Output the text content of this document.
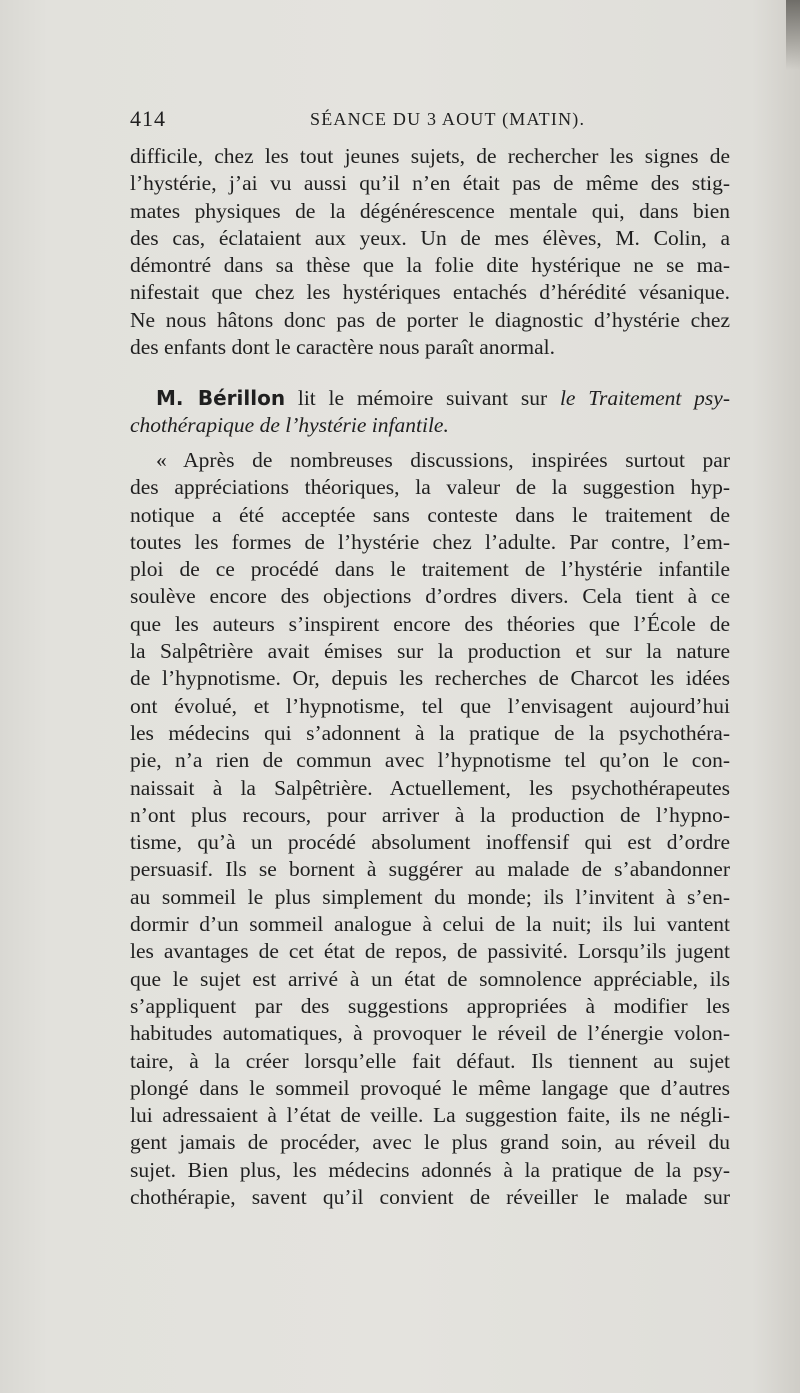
414	SÉANCE DU 3 AOUT (MATIN).
difficile, chez les tout jeunes sujets, de rechercher les signes de
l’hystérie, j’ai vu aussi qu’il n’en était pas de même des stig-
mates physiques de la dégénérescence mentale qui, dans bien
des cas, éclataient aux yeux. Un de mes élèves, M. Colin, a
démontré dans sa thèse que la folie dite hystérique ne se ma-
nifestait que chez les hystériques entachés d’hérédité vésanique.
Ne nous hâtons donc pas de porter le diagnostic d’hystérie chez
des enfants dont le caractère nous paraît anormal.
M. Bérillon lit le mémoire suivant sur le Traitement psy-
chothérapique de l’hystérie infantile.
« Après de nombreuses discussions, inspirées surtout par
des appréciations théoriques, la valeur de la suggestion hyp-
notique a été acceptée sans conteste dans le traitement de
toutes les formes de l’hystérie chez l’adulte. Par contre, l’em-
ploi de ce procédé dans le traitement de l’hystérie infantile
soulève encore des objections d’ordres divers. Cela tient à ce
que les auteurs s’inspirent encore des théories que l’École de
la Salpêtrière avait émises sur la production et sur la nature
de l’hypnotisme. Or, depuis les recherches de Charcot les idées
ont évolué, et l’hypnotisme, tel que l’envisagent aujourd’hui
les médecins qui s’adonnent à la pratique de la psychothéra-
pie, n’a rien de commun avec l’hypnotisme tel qu’on le con-
naissait à la Salpêtrière. Actuellement, les psychothérapeutes
n’ont plus recours, pour arriver à la production de l’hypno-
tisme, qu’à un procédé absolument inoffensif qui est d’ordre
persuasif. Ils se bornent à suggérer au malade de s’abandonner
au sommeil le plus simplement du monde; ils l’invitent à s’en-
dormir d’un sommeil analogue à celui de la nuit; ils lui vantent
les avantages de cet état de repos, de passivité. Lorsqu’ils jugent
que le sujet est arrivé à un état de somnolence appréciable, ils
s’appliquent par des suggestions appropriées à modifier les
habitudes automatiques, à provoquer le réveil de l’énergie volon-
taire, à la créer lorsqu’elle fait défaut. Ils tiennent au sujet
plongé dans le sommeil provoqué le même langage que d’autres
lui adressaient à l’état de veille. La suggestion faite, ils ne négli-
gent jamais de procéder, avec le plus grand soin, au réveil du
sujet. Bien plus, les médecins adonnés à la pratique de la psy-
chothérapie, savent qu’il convient de réveiller le malade sur
